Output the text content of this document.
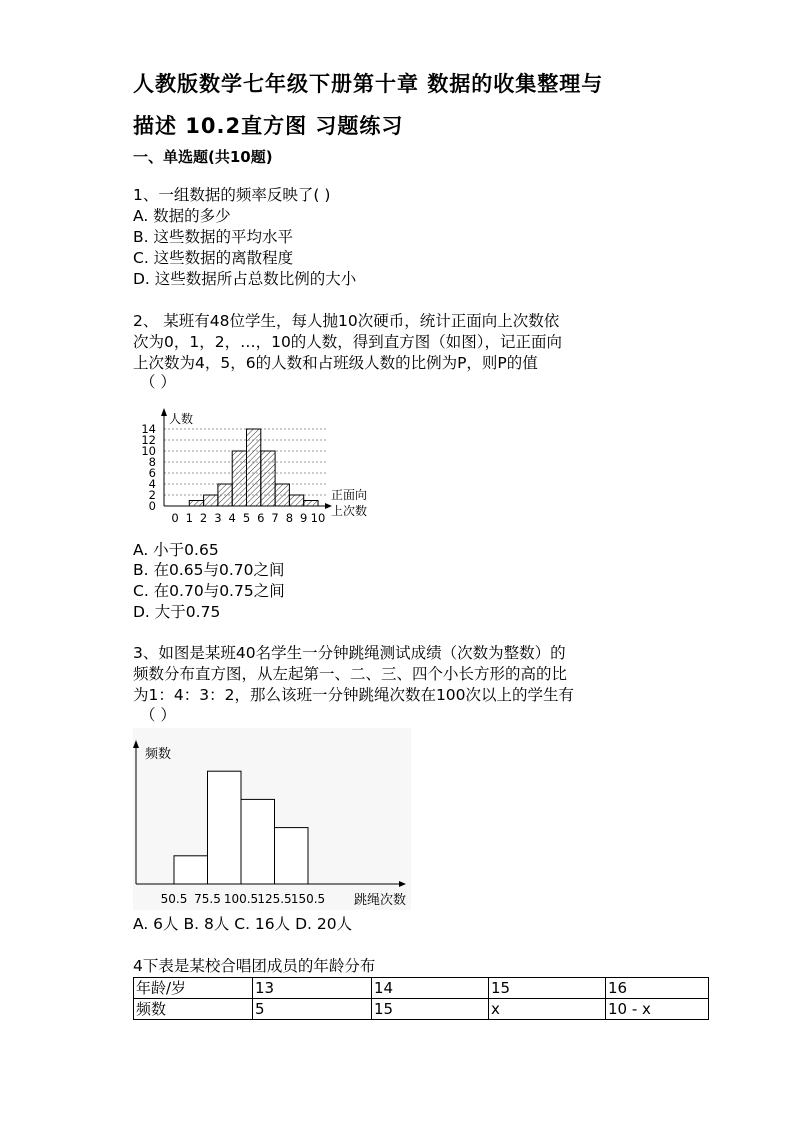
人教版数学七年级下册第十章 数据的收集整理与
描述 10.2直方图 习题练习
一、单选题(共10题)
1、一组数据的频率反映了( )
A. 数据的多少
B. 这些数据的平均水平
C. 这些数据的离散程度
D. 这些数据所占总数比例的大小
2、 某班有48位学生，每人抛10次硬币，统计正面向上次数依
次为0，1，2，…，10的人数，得到直方图（如图），记正面向
上次数为4，5，6的人数和占班级人数的比例为P，则P的值
（ ）
人数
正面向
上次数
0
2
4
6
8
10
12
14
0 1 2 3 4 5 6 7 8 9 10
A. 小于0.65
B. 在0.65与0.70之间
C. 在0.70与0.75之间
D. 大于0.75
3、如图是某班40名学生一分钟跳绳测试成绩（次数为整数）的
频数分布直方图，从左起第一、二、三、四个小长方形的高的比
为1：4：3：2，那么该班一分钟跳绳次数在100次以上的学生有
（ ）
频数
跳绳次数
50.5 75.5 100.5 125.5 150.5
A. 6人 B. 8人 C. 16人 D. 20人
4下表是某校合唱团成员的年龄分布
年龄/岁	13	14	15	16
频数	5	15	x	10 - x
